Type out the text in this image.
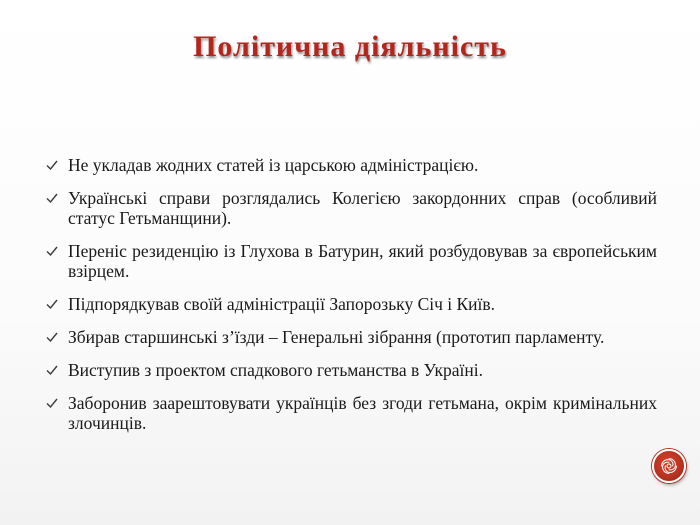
Політична діяльність
Не укладав жодних статей із царською адміністрацією.
Українські справи розглядались Колегією закордонних справ (особливий статус Гетьманщини).
Переніс резиденцію із Глухова в Батурин, який розбудовував за європейським взірцем.
Підпорядкував своїй адміністрації Запорозьку Січ і Київ.
Збирав старшинські з’їзди – Генеральні зібрання (прототип парламенту.
Виступив з проектом спадкового гетьманства в Україні.
Заборонив заарештовувати українців без згоди гетьмана, окрім кримінальних злочинців.
